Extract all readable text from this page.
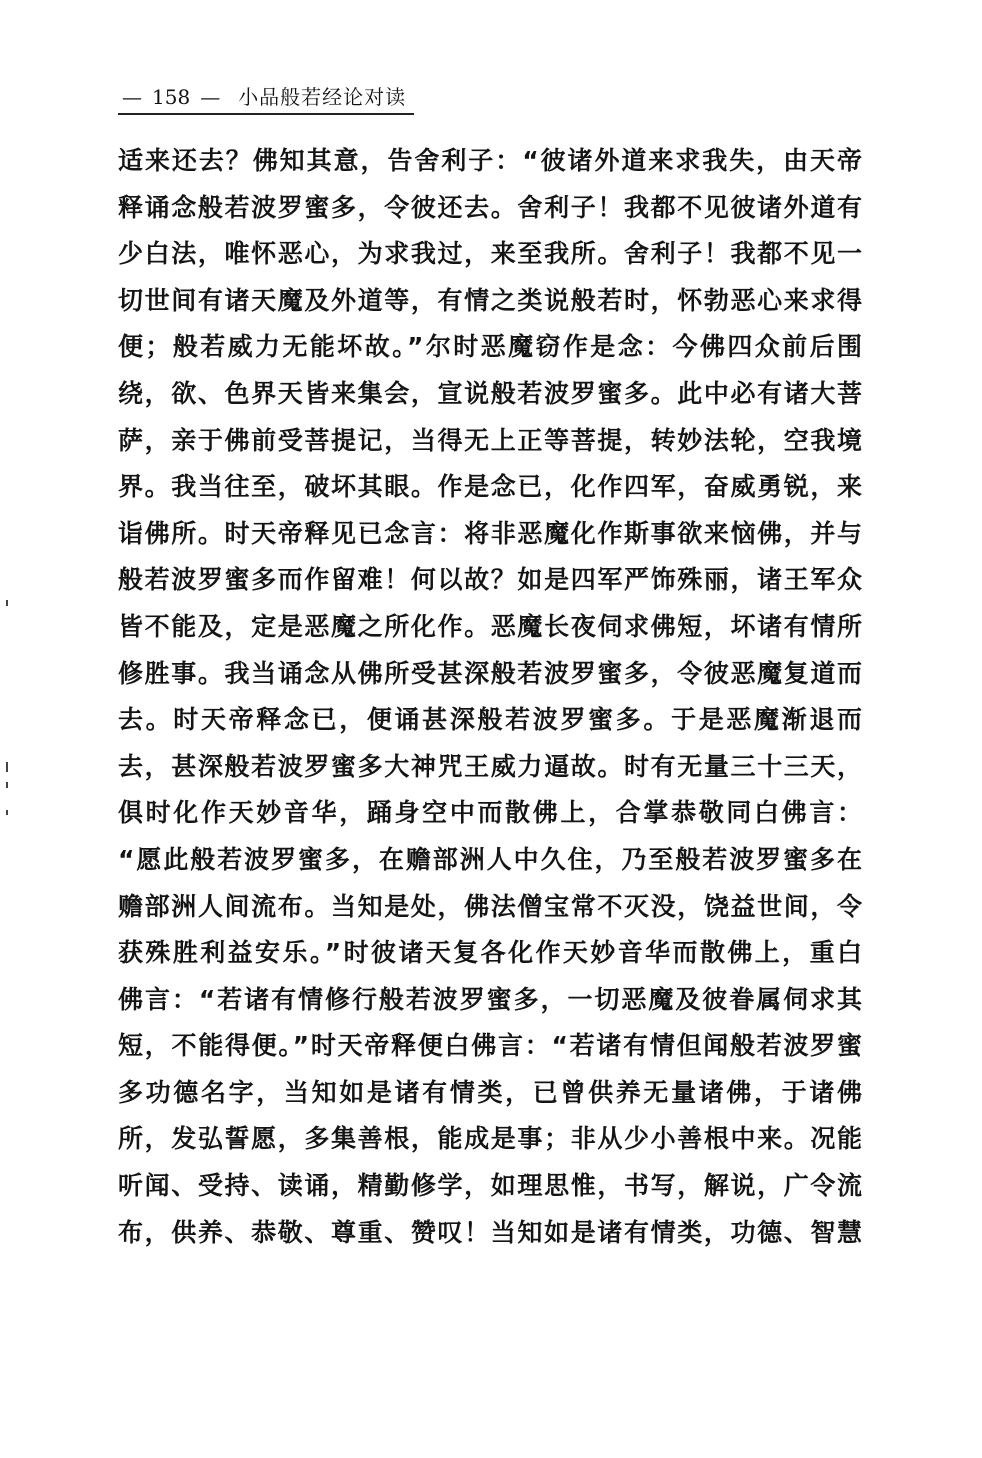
— 158 — 小品般若经论对读
适来还去？佛知其意，告舍利子：“彼诸外道来求我失，由天帝
释诵念般若波罗蜜多，令彼还去。舍利子！我都不见彼诸外道有
少白法，唯怀恶心，为求我过，来至我所。舍利子！我都不见一
切世间有诸天魔及外道等，有情之类说般若时，怀勃恶心来求得
便；般若威力无能坏故。”尔时恶魔窃作是念：今佛四众前后围
绕，欲、色界天皆来集会，宣说般若波罗蜜多。此中必有诸大菩
萨，亲于佛前受菩提记，当得无上正等菩提，转妙法轮，空我境
界。我当往至，破坏其眼。作是念已，化作四军，奋威勇锐，来
诣佛所。时天帝释见已念言：将非恶魔化作斯事欲来恼佛，并与
般若波罗蜜多而作留难！何以故？如是四军严饰殊丽，诸王军众
皆不能及，定是恶魔之所化作。恶魔长夜伺求佛短，坏诸有情所
修胜事。我当诵念从佛所受甚深般若波罗蜜多，令彼恶魔复道而
去。时天帝释念已，便诵甚深般若波罗蜜多。于是恶魔渐退而
去，甚深般若波罗蜜多大神咒王威力逼故。时有无量三十三天，
俱时化作天妙音华，踊身空中而散佛上，合掌恭敬同白佛言：
“愿此般若波罗蜜多，在赡部洲人中久住，乃至般若波罗蜜多在
赡部洲人间流布。当知是处，佛法僧宝常不灭没，饶益世间，令
获殊胜利益安乐。”时彼诸天复各化作天妙音华而散佛上，重白
佛言：“若诸有情修行般若波罗蜜多，一切恶魔及彼眷属伺求其
短，不能得便。”时天帝释便白佛言：“若诸有情但闻般若波罗蜜
多功德名字，当知如是诸有情类，已曾供养无量诸佛，于诸佛
所，发弘誓愿，多集善根，能成是事；非从少小善根中来。况能
听闻、受持、读诵，精勤修学，如理思惟，书写，解说，广令流
布，供养、恭敬、尊重、赞叹！当知如是诸有情类，功德、智慧
